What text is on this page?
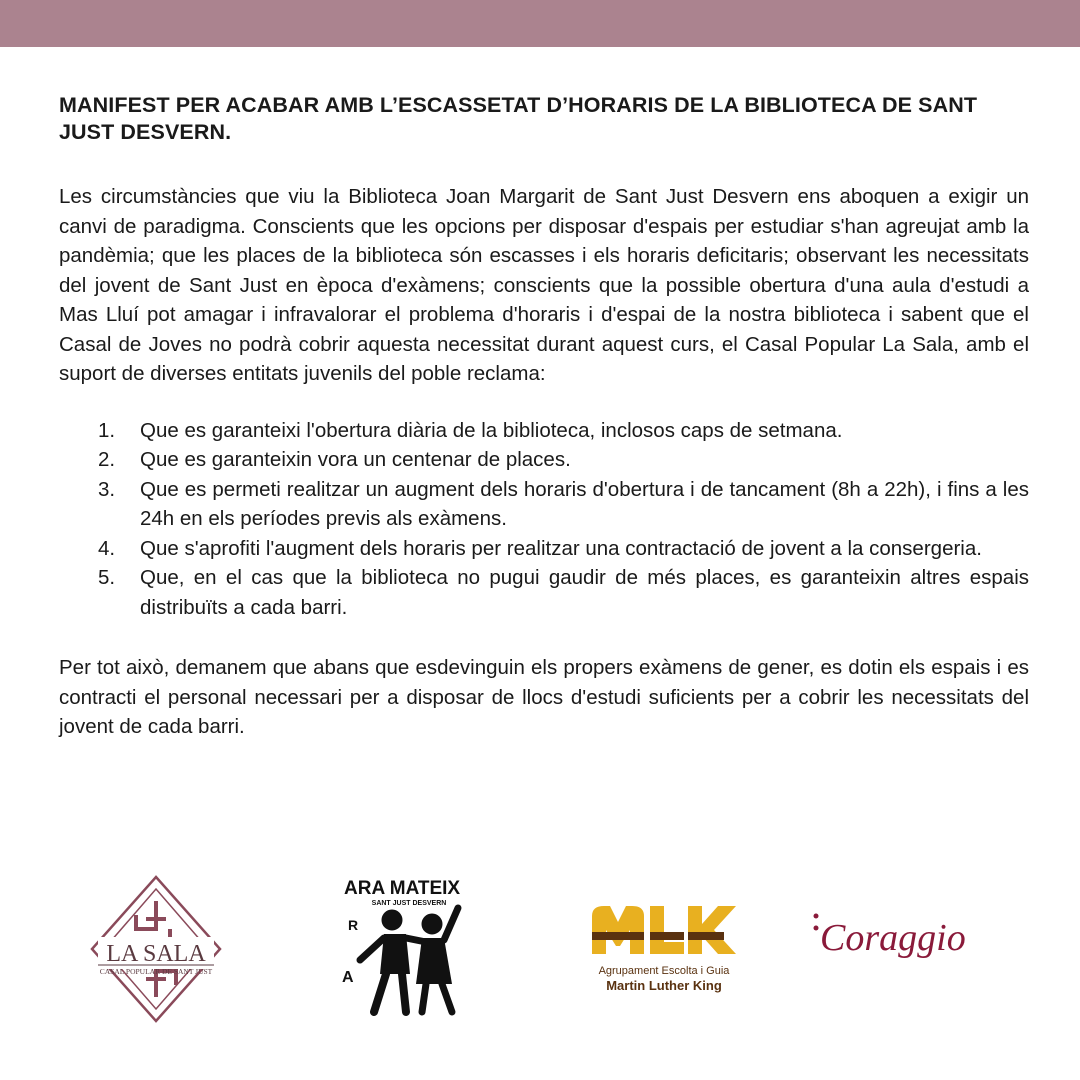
MANIFEST PER ACABAR AMB L’ESCASSETAT D’HORARIS DE LA BIBLIOTECA DE SANT JUST DESVERN.

Les circumstàncies que viu la Biblioteca Joan Margarit de Sant Just Desvern ens aboquen a exigir un canvi de paradigma. Conscients que les opcions per disposar d'espais per estudiar s'han agreujat amb la pandèmia; que les places de la biblioteca són escasses i els horaris deficitaris; observant les necessitats del jovent de Sant Just en època d'exàmens; conscients que la possible obertura d'una aula d'estudi a Mas Lluí pot amagar i infravalorar el problema d'horaris i d'espai de la nostra biblioteca i sabent que el Casal de Joves no podrà cobrir aquesta necessitat durant aquest curs, el Casal Popular La Sala, amb el suport de diverses entitats juvenils del poble reclama:

1. Que es garanteixi l'obertura diària de la biblioteca, inclosos caps de setmana.
2. Que es garanteixin vora un centenar de places.
3. Que es permeti realitzar un augment dels horaris d'obertura i de tancament (8h a 22h), i fins a les 24h en els períodes previs als exàmens.
4. Que s'aprofiti l'augment dels horaris per realitzar una contractació de jovent a la consergeria.
5. Que, en el cas que la biblioteca no pugui gaudir de més places, es garanteixin altres espais distribuïts a cada barri.

Per tot això, demanem que abans que esdevinguin els propers exàmens de gener, es dotin els espais i es contracti el personal necessari per a disposar de llocs d'estudi suficients per a cobrir les necessitats del jovent de cada barri.

LA SALA
CASAL POPULAR DE SANT JUST
ARA MATEIX
SANT JUST DESVERN
R
A	Agrupament Escolta i Guia
Martin Luther King
Coraggio
